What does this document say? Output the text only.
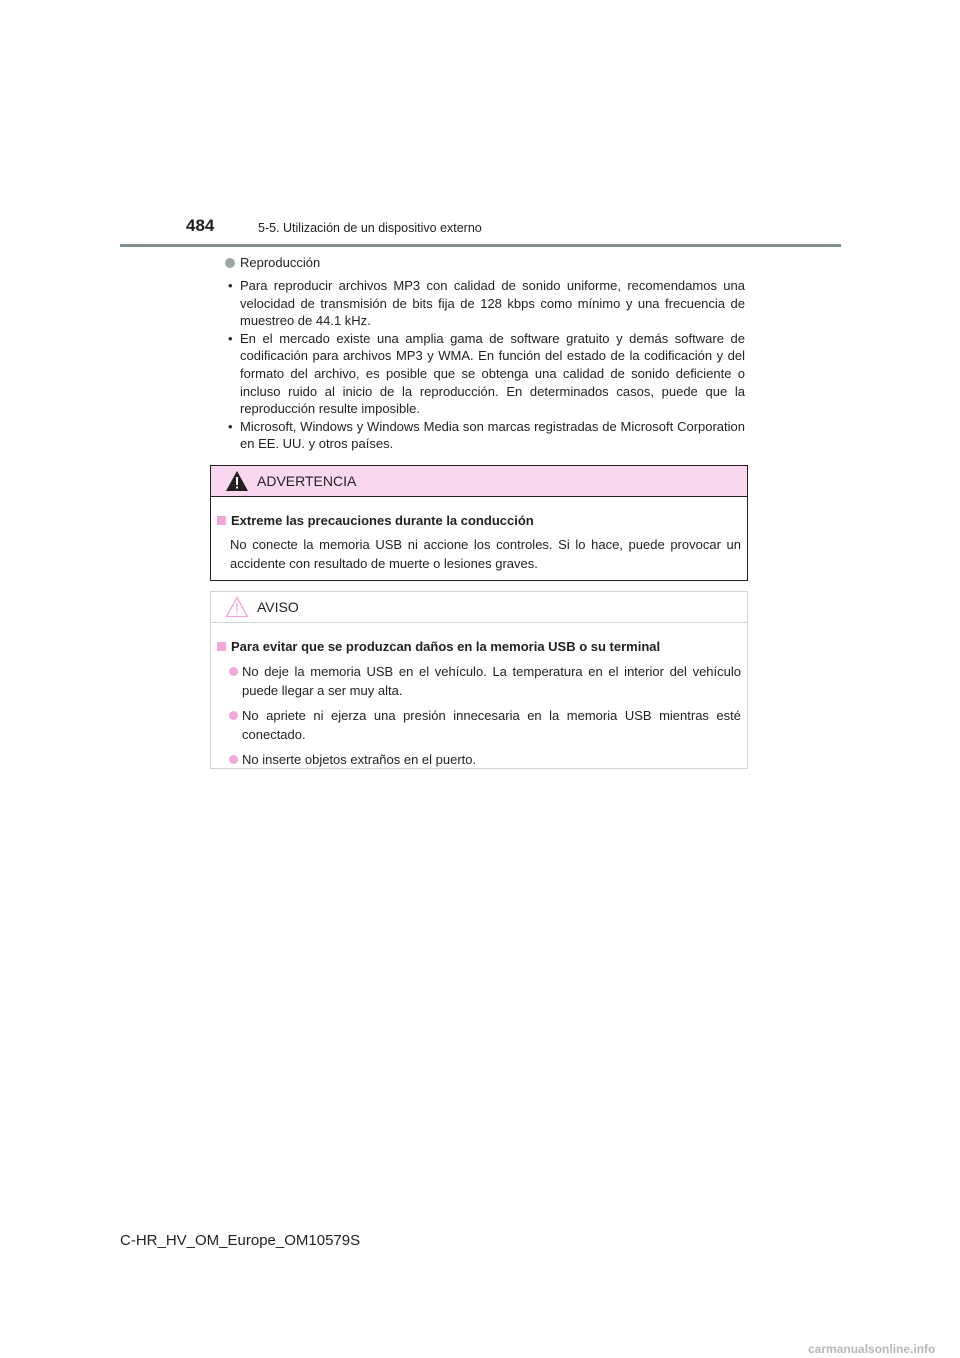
484	5-5. Utilización de un dispositivo externo
Reproducción
• Para reproducir archivos MP3 con calidad de sonido uniforme, recomendamos una velocidad de transmisión de bits fija de 128 kbps como mínimo y una frecuencia de muestreo de 44.1 kHz.
• En el mercado existe una amplia gama de software gratuito y demás software de codificación para archivos MP3 y WMA. En función del estado de la codificación y del formato del archivo, es posible que se obtenga una calidad de sonido deficiente o incluso ruido al inicio de la reproducción. En determinados casos, puede que la reproducción resulte imposible.
• Microsoft, Windows y Windows Media son marcas registradas de Microsoft Corporation en EE. UU. y otros países.
ADVERTENCIA
Extreme las precauciones durante la conducción
No conecte la memoria USB ni accione los controles. Si lo hace, puede provocar un accidente con resultado de muerte o lesiones graves.
AVISO
Para evitar que se produzcan daños en la memoria USB o su terminal
No deje la memoria USB en el vehículo. La temperatura en el interior del vehículo puede llegar a ser muy alta.
No apriete ni ejerza una presión innecesaria en la memoria USB mientras esté conectado.
No inserte objetos extraños en el puerto.
C-HR_HV_OM_Europe_OM10579S
carmanualsonline.info
